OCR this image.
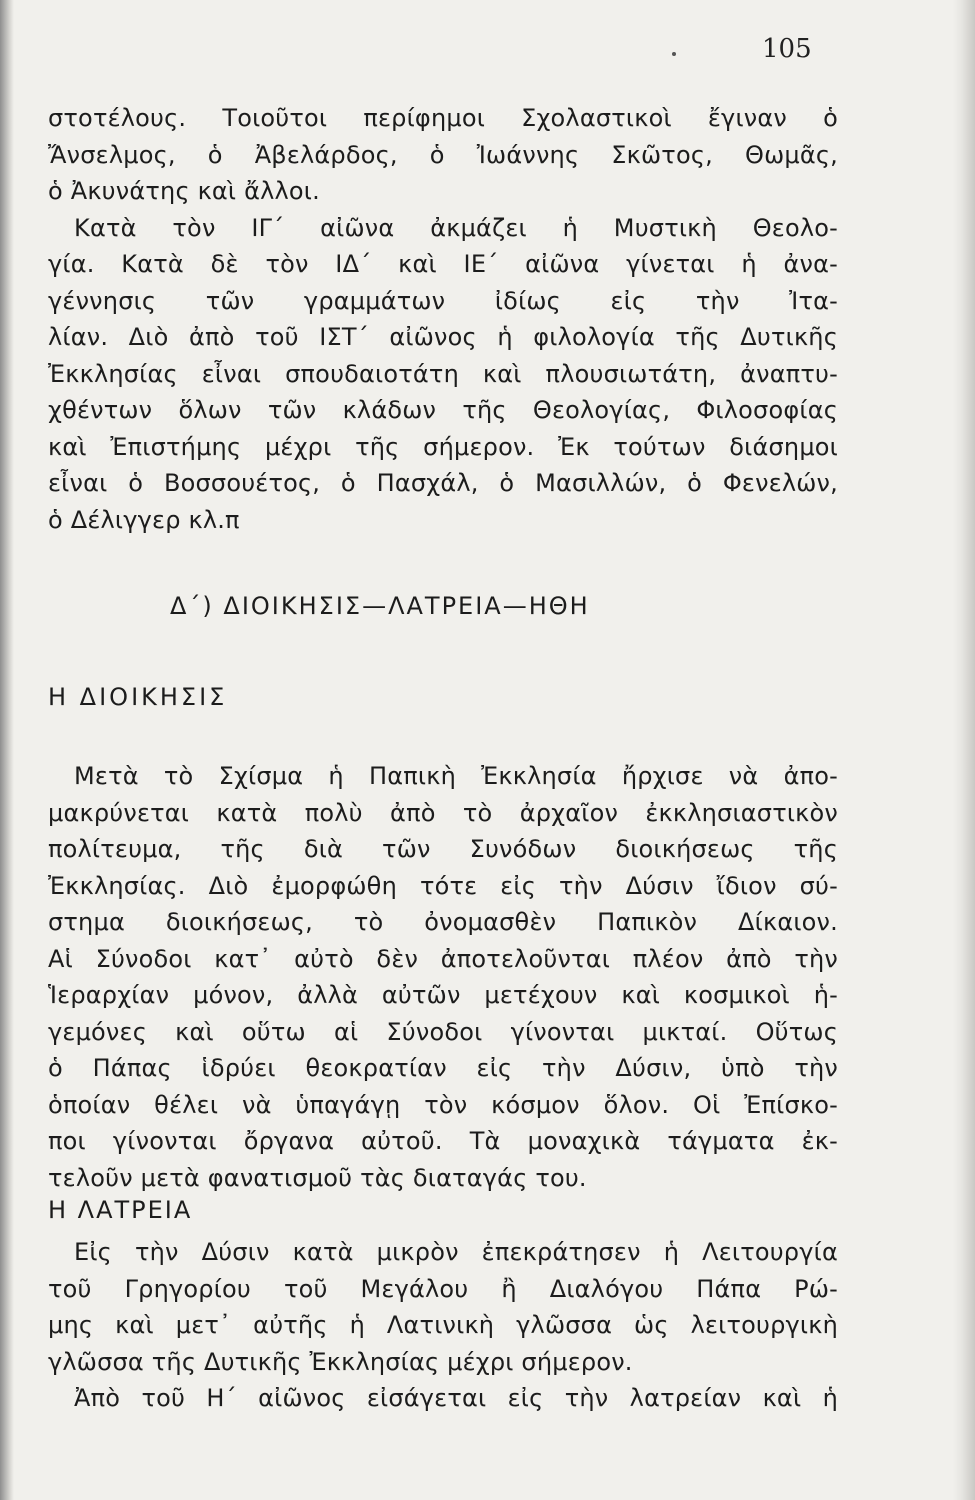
105
στοτέλους. Τοιοῦτοι περίφημοι Σχολαστικοὶ ἔγιναν ὁ
Ἄνσελμος, ὁ Ἀβελάρδος, ὁ Ἰωάννης Σκῶτος, Θωμᾶς,
ὁ Ἀκυνάτης καὶ ἄλλοι.
Κατὰ τὸν ΙΓ΄ αἰῶνα ἀκμάζει ἡ Μυστικὴ Θεολο-
γία. Κατὰ δὲ τὸν ΙΔ΄ καὶ ΙΕ΄ αἰῶνα γίνεται ἡ ἀνα-
γέννησις τῶν γραμμάτων ἰδίως εἰς τὴν Ἰτα-
λίαν. Διὸ ἀπὸ τοῦ ΙΣΤ΄ αἰῶνος ἡ φιλολογία τῆς Δυτικῆς
Ἐκκλησίας εἶναι σπουδαιοτάτη καὶ πλουσιωτάτη, ἀναπτυ-
χθέντων ὅλων τῶν κλάδων τῆς Θεολογίας, Φιλοσοφίας
καὶ Ἐπιστήμης μέχρι τῆς σήμερον. Ἐκ τούτων διάσημοι
εἶναι ὁ Βοσσουέτος, ὁ Πασχάλ, ὁ Μασιλλών, ὁ Φενελών,
ὁ Δέλιγγερ κλ.π
Δ΄) ΔΙΟΙΚΗΣΙΣ—ΛΑΤΡΕΙΑ—ΗΘΗ
Η ΔΙΟΙΚΗΣΙΣ
Μετὰ τὸ Σχίσμα ἡ Παπικὴ Ἐκκλησία ἤρχισε νὰ ἀπο-
μακρύνεται κατὰ πολὺ ἀπὸ τὸ ἀρχαῖον ἐκκλησιαστικὸν
πολίτευμα, τῆς διὰ τῶν Συνόδων διοικήσεως τῆς
Ἐκκλησίας. Διὸ ἐμορφώθη τότε εἰς τὴν Δύσιν ἴδιον σύ-
στημα διοικήσεως, τὸ ὀνομασθὲν Παπικὸν Δίκαιον.
Αἱ Σύνοδοι κατ᾽ αὐτὸ δὲν ἀποτελοῦνται πλέον ἀπὸ τὴν
Ἱεραρχίαν μόνον, ἀλλὰ αὐτῶν μετέχουν καὶ κοσμικοὶ ἡ-
γεμόνες καὶ οὕτω αἱ Σύνοδοι γίνονται μικταί. Οὕτως
ὁ Πάπας ἱδρύει θεοκρατίαν εἰς τὴν Δύσιν, ὑπὸ τὴν
ὁποίαν θέλει νὰ ὑπαγάγῃ τὸν κόσμον ὅλον. Οἱ Ἐπίσκο-
ποι γίνονται ὄργανα αὐτοῦ. Τὰ μοναχικὰ τάγματα ἐκ-
τελοῦν μετὰ φανατισμοῦ τὰς διαταγάς του.
Η ΛΑΤΡΕΙΑ
Εἰς τὴν Δύσιν κατὰ μικρὸν ἐπεκράτησεν ἡ Λειτουργία
τοῦ Γρηγορίου τοῦ Μεγάλου ἢ Διαλόγου Πάπα Ρώ-
μης καὶ μετ᾽ αὐτῆς ἡ Λατινικὴ γλῶσσα ὡς λειτουργικὴ
γλῶσσα τῆς Δυτικῆς Ἐκκλησίας μέχρι σήμερον.
Ἀπὸ τοῦ Η΄ αἰῶνος εἰσάγεται εἰς τὴν λατρείαν καὶ ἡ
